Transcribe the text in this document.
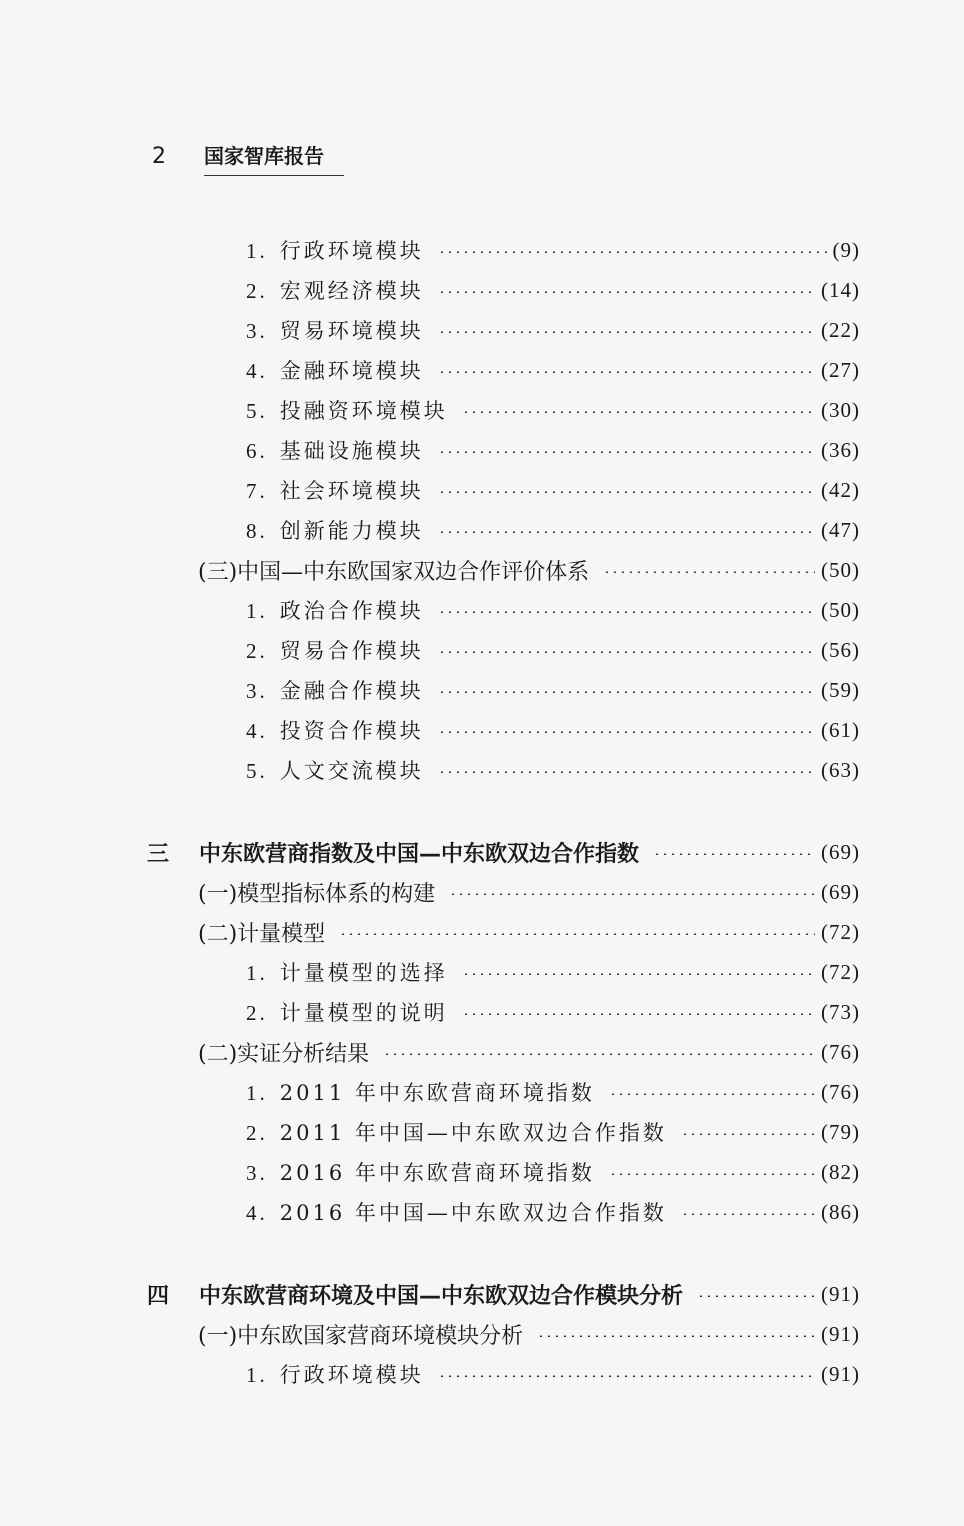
2	国家智库报告
1. 行政环境模块	(9)
2. 宏观经济模块	(14)
3. 贸易环境模块	(22)
4. 金融环境模块	(27)
5. 投融资环境模块	(30)
6. 基础设施模块	(36)
7. 社会环境模块	(42)
8. 创新能力模块	(47)
(三) 中国—中东欧国家双边合作评价体系	(50)
1. 政治合作模块	(50)
2. 贸易合作模块	(56)
3. 金融合作模块	(59)
4. 投资合作模块	(61)
5. 人文交流模块	(63)
三	中东欧营商指数及中国—中东欧双边合作指数	(69)
(一) 模型指标体系的构建	(69)
(二) 计量模型	(72)
1. 计量模型的选择	(72)
2. 计量模型的说明	(73)
(二) 实证分析结果	(76)
1. 2011 年中东欧营商环境指数	(76)
2. 2011 年中国—中东欧双边合作指数	(79)
3. 2016 年中东欧营商环境指数	(82)
4. 2016 年中国—中东欧双边合作指数	(86)
四	中东欧营商环境及中国—中东欧双边合作模块分析	(91)
(一) 中东欧国家营商环境模块分析	(91)
1. 行政环境模块	(91)
